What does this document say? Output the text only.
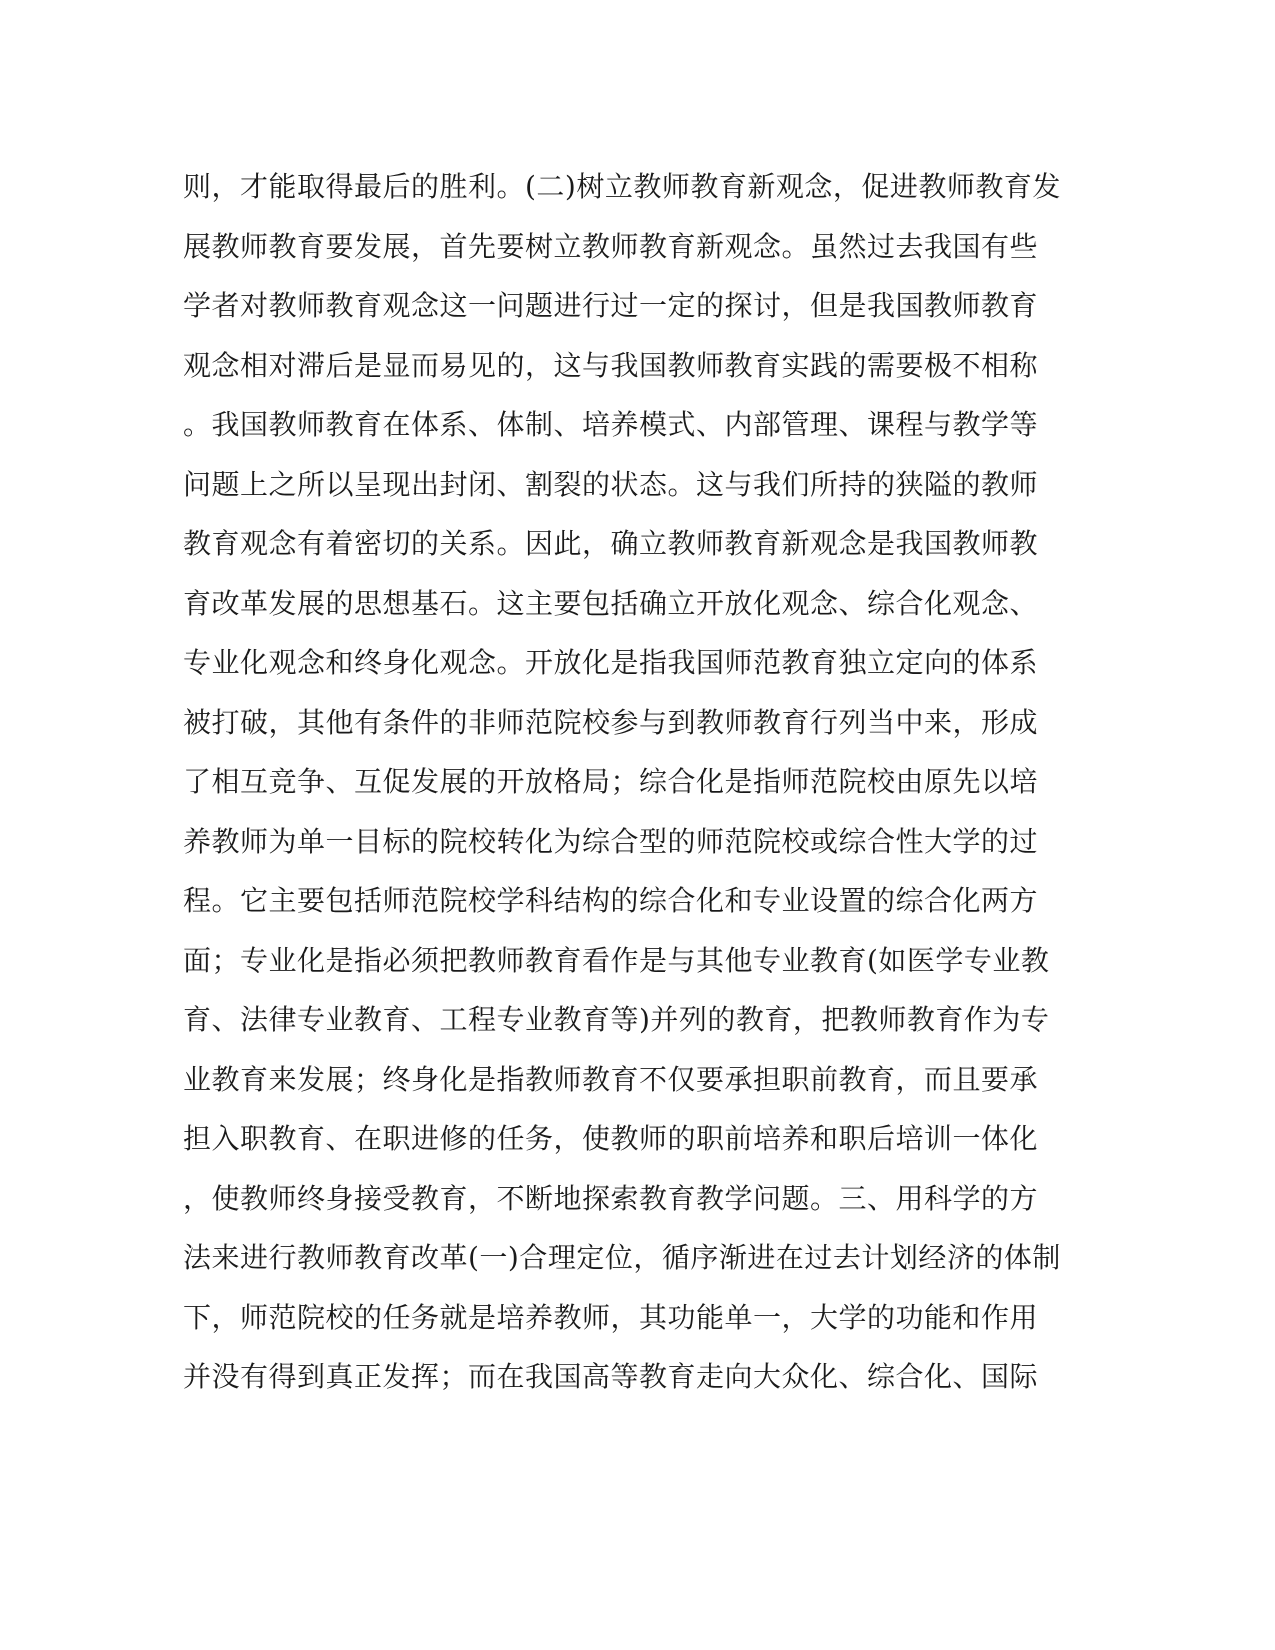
则，才能取得最后的胜利。(二)树立教师教育新观念，促进教师教育发
展教师教育要发展，首先要树立教师教育新观念。虽然过去我国有些
学者对教师教育观念这一问题进行过一定的探讨，但是我国教师教育
观念相对滞后是显而易见的，这与我国教师教育实践的需要极不相称
。我国教师教育在体系、体制、培养模式、内部管理、课程与教学等
问题上之所以呈现出封闭、割裂的状态。这与我们所持的狭隘的教师
教育观念有着密切的关系。因此，确立教师教育新观念是我国教师教
育改革发展的思想基石。这主要包括确立开放化观念、综合化观念、
专业化观念和终身化观念。开放化是指我国师范教育独立定向的体系
被打破，其他有条件的非师范院校参与到教师教育行列当中来，形成
了相互竞争、互促发展的开放格局；综合化是指师范院校由原先以培
养教师为单一目标的院校转化为综合型的师范院校或综合性大学的过
程。它主要包括师范院校学科结构的综合化和专业设置的综合化两方
面；专业化是指必须把教师教育看作是与其他专业教育(如医学专业教
育、法律专业教育、工程专业教育等)并列的教育，把教师教育作为专
业教育来发展；终身化是指教师教育不仅要承担职前教育，而且要承
担入职教育、在职进修的任务，使教师的职前培养和职后培训一体化
，使教师终身接受教育，不断地探索教育教学问题。三、用科学的方
法来进行教师教育改革(一)合理定位，循序渐进在过去计划经济的体制
下，师范院校的任务就是培养教师，其功能单一，大学的功能和作用
并没有得到真正发挥；而在我国高等教育走向大众化、综合化、国际
